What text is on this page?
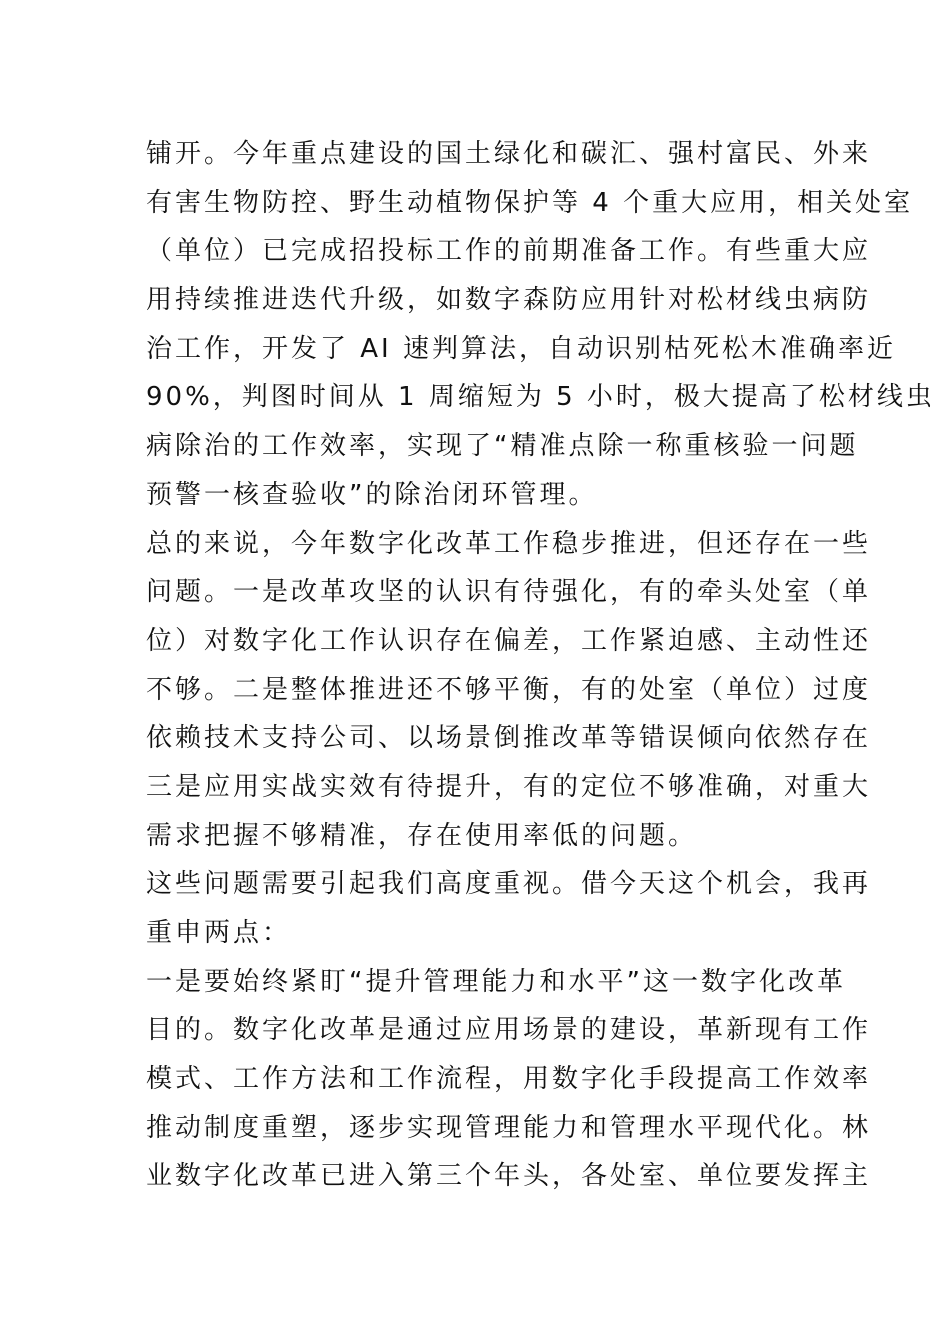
铺开。今年重点建设的国土绿化和碳汇、强村富民、外来
有害生物防控、野生动植物保护等 4 个重大应用，相关处室
（单位）已完成招投标工作的前期准备工作。有些重大应
用持续推进迭代升级，如数字森防应用针对松材线虫病防
治工作，开发了 AI 速判算法，自动识别枯死松木准确率近
90%，判图时间从 1 周缩短为 5 小时，极大提高了松材线虫
病除治的工作效率，实现了“精准点除一称重核验一问题
预警一核查验收”的除治闭环管理。
总的来说，今年数字化改革工作稳步推进，但还存在一些
问题。一是改革攻坚的认识有待强化，有的牵头处室（单
位）对数字化工作认识存在偏差，工作紧迫感、主动性还
不够。二是整体推进还不够平衡，有的处室（单位）过度
依赖技术支持公司、以场景倒推改革等错误倾向依然存在
三是应用实战实效有待提升，有的定位不够准确，对重大
需求把握不够精准，存在使用率低的问题。
这些问题需要引起我们高度重视。借今天这个机会，我再
重申两点：
一是要始终紧盯“提升管理能力和水平”这一数字化改革
目的。数字化改革是通过应用场景的建设，革新现有工作
模式、工作方法和工作流程，用数字化手段提高工作效率
推动制度重塑，逐步实现管理能力和管理水平现代化。林
业数字化改革已进入第三个年头，各处室、单位要发挥主
